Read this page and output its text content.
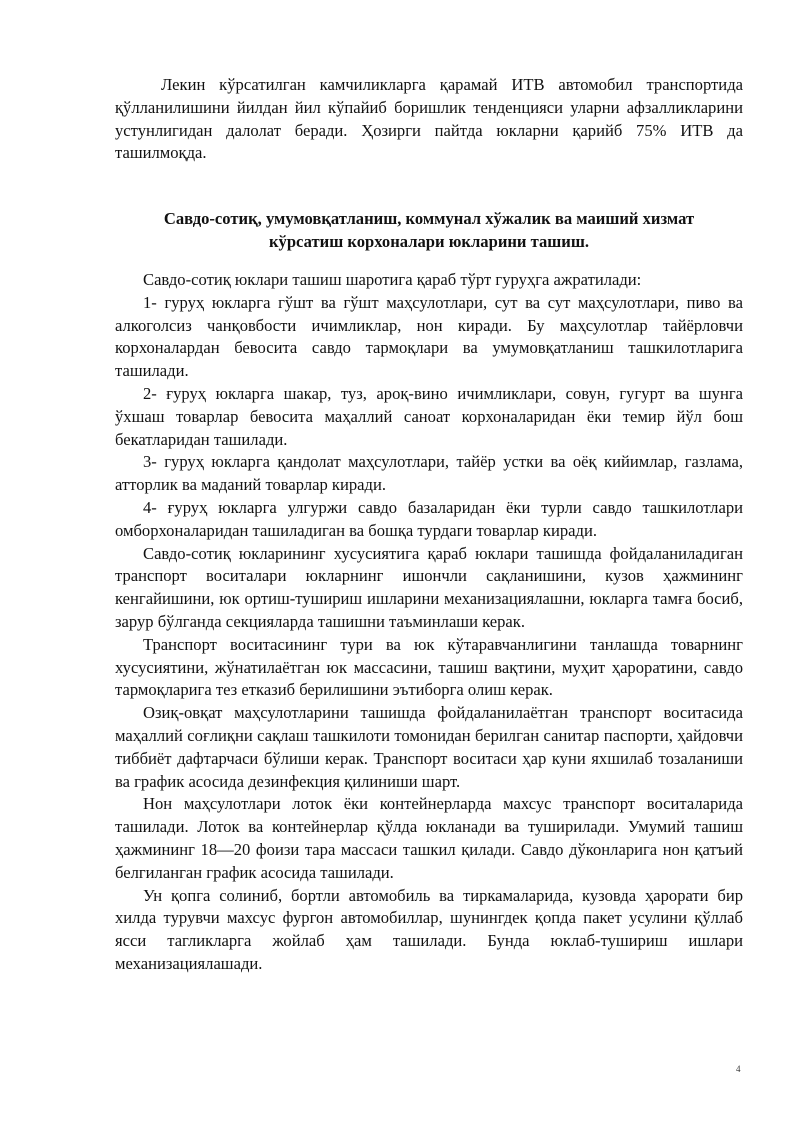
Лекин кўрсатилган камчиликларга қарамай ИТВ автомобил транспортида қўлланилишини йилдан йил кўпайиб боришлик тенденцияси уларни афзалликларини устунлигидан далолат беради. Ҳозирги пайтда юкларни қарийб 75% ИТВ да ташилмоқда.

Савдо-сотиқ, умумовқатланиш, коммунал хўжалик ва маиший хизмат
кўрсатиш корхоналари юкларини ташиш.

Савдо-сотиқ юклари ташиш шаротига қараб тўрт гуруҳга ажратилади:

1- гуруҳ юкларга гўшт ва гўшт маҳсулотлари, сут ва сут маҳсулотлари, пиво ва алкоголсиз чанқовбости ичимликлар, нон киради. Бу маҳсулотлар тайёрловчи корхоналардан бевосита савдо тармоқлари ва умумовқатланиш ташкилотларига ташилади.

2- ғуруҳ юкларга шакар, туз, ароқ-вино ичимликлари, совун, гугурт ва шунга ўхшаш товарлар бевосита маҳаллий саноат корхоналаридан ёки темир йўл бош бекатларидан ташилади.

3- гуруҳ юкларга қандолат маҳсулотлари, тайёр устки ва оёқ кийимлар, газлама, атторлик ва маданий товарлар киради.

4- ғуруҳ юкларга улгуржи савдо базаларидан ёки турли савдо ташкилотлари омборхоналаридан ташиладиган ва бошқа турдаги товарлар киради.

Савдо-сотиқ юкларининг хусусиятига қараб юклари ташишда фойдаланиладиган транспорт воситалари юкларнинг ишончли сақланишини, кузов ҳажмининг кенгайишини, юк ортиш-тушириш ишларини механизациялашни, юкларга тамға босиб, зарур бўлганда секцияларда ташишни таъминлаши керак.

Транспорт воситасининг тури ва юк кўтаравчанлигини танлашда товарнинг хусусиятини, жўнатилаётган юк массасини, ташиш вақтини, муҳит ҳароратини, савдо тармоқларига тез етказиб берилишини эътиборга олиш керак.

Озиқ-овқат маҳсулотларини ташишда фойдаланилаётган транспорт воситасида маҳаллий соғлиқни сақлаш ташкилоти томонидан берилган санитар паспорти, ҳайдовчи тиббиёт дафтарчаси бўлиши керак. Транспорт воситаси ҳар куни яхшилаб тозаланиши ва график асосида дезинфекция қилиниши шарт.

Нон маҳсулотлари лоток ёки контейнерларда махсус транспорт воситаларида ташилади. Лоток ва контейнерлар қўлда юкланади ва туширилади. Умумий ташиш ҳажмининг 18—20 фоизи тара массаси ташкил қилади. Савдо дўконларига нон қатъий белгиланган график асосида ташилади.

Ун қопга солиниб, бортли автомобиль ва тиркамаларида, кузовда ҳарорати бир хилда турувчи махсус фургон автомобиллар, шунингдек қопда пакет усулини қўллаб ясси тагликларга жойлаб ҳам ташилади. Бунда юклаб-тушириш ишлари механизациялашади.

4
